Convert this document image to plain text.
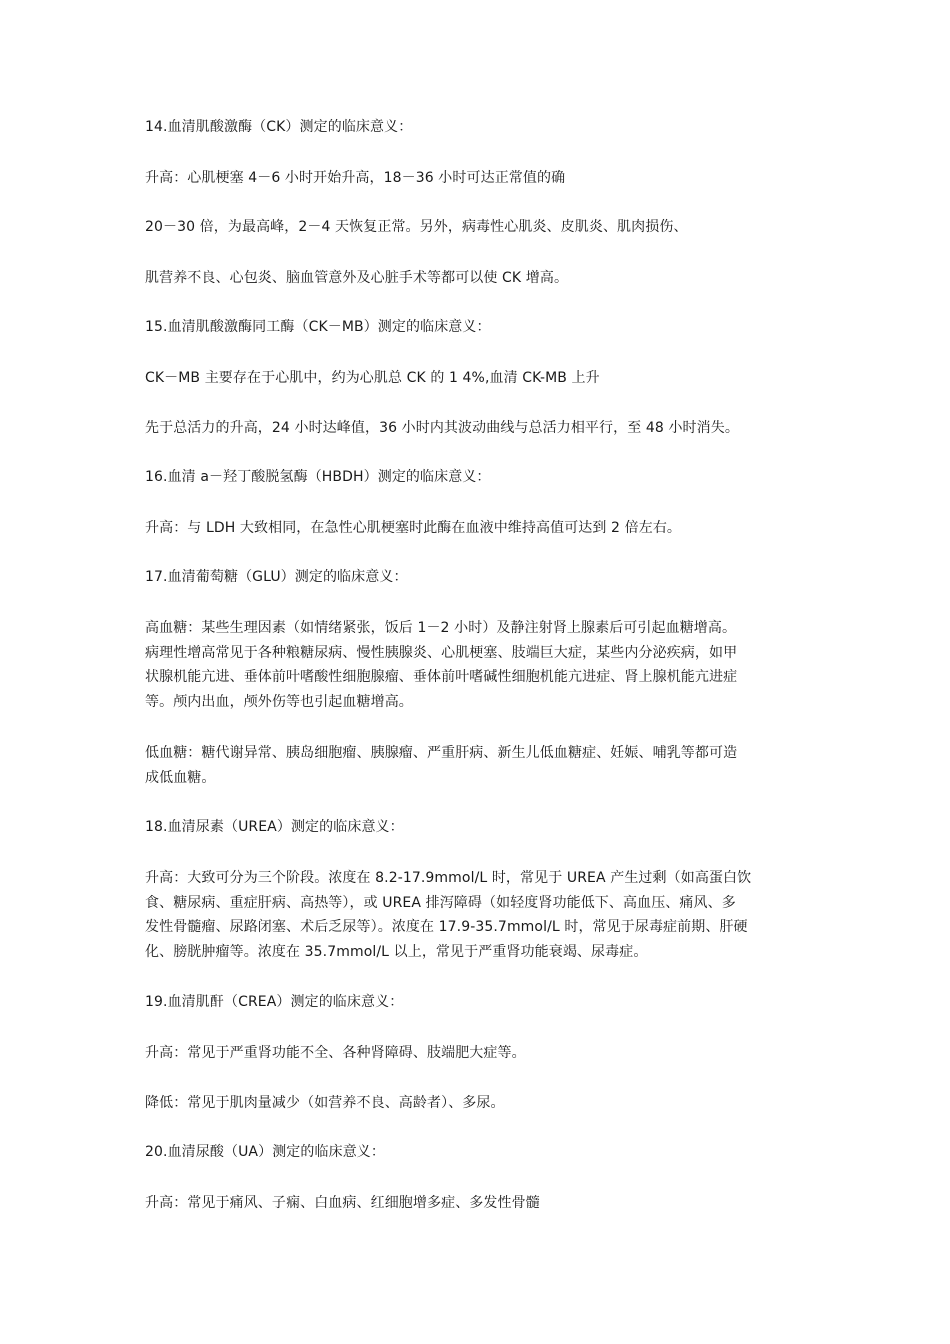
14.血清肌酸激酶（CK）测定的临床意义：
升高：心肌梗塞 4－6 小时开始升高，18－36 小时可达正常值的确
20－30 倍，为最高峰，2－4 天恢复正常。另外，病毒性心肌炎、皮肌炎、肌肉损伤、
肌营养不良、心包炎、脑血管意外及心脏手术等都可以使 CK 增高。
15.血清肌酸激酶同工酶（CK－MB）测定的临床意义：
CK－MB 主要存在于心肌中，约为心肌总 CK 的 1 4%,血清 CK-MB 上升
先于总活力的升高，24 小时达峰值，36 小时内其波动曲线与总活力相平行，至 48 小时消失。
16.血清 a－羟丁酸脱氢酶（HBDH）测定的临床意义：
升高：与 LDH 大致相同，在急性心肌梗塞时此酶在血液中维持高值可达到 2 倍左右。
17.血清葡萄糖（GLU）测定的临床意义：
高血糖：某些生理因素（如情绪紧张，饭后 1－2 小时）及静注射肾上腺素后可引起血糖增高。
病理性增高常见于各种粮糖尿病、慢性胰腺炎、心肌梗塞、肢端巨大症，某些内分泌疾病，如甲
状腺机能亢进、垂体前叶嗜酸性细胞腺瘤、垂体前叶嗜碱性细胞机能亢进症、肾上腺机能亢进症
等。颅内出血，颅外伤等也引起血糖增高。
低血糖：糖代谢异常、胰岛细胞瘤、胰腺瘤、严重肝病、新生儿低血糖症、妊娠、哺乳等都可造
成低血糖。
18.血清尿素（UREA）测定的临床意义：
升高：大致可分为三个阶段。浓度在 8.2-17.9mmol/L 时，常见于 UREA 产生过剩（如高蛋白饮
食、糖尿病、重症肝病、高热等），或 UREA 排泻障碍（如轻度肾功能低下、高血压、痛风、多
发性骨髓瘤、尿路闭塞、术后乏尿等）。浓度在 17.9-35.7mmol/L 时，常见于尿毒症前期、肝硬
化、膀胱肿瘤等。浓度在 35.7mmol/L 以上，常见于严重肾功能衰竭、尿毒症。
19.血清肌酐（CREA）测定的临床意义：
升高：常见于严重肾功能不全、各种肾障碍、肢端肥大症等。
降低：常见于肌肉量减少（如营养不良、高龄者）、多尿。
20.血清尿酸（UA）测定的临床意义：
升高：常见于痛风、子痫、白血病、红细胞增多症、多发性骨髓
